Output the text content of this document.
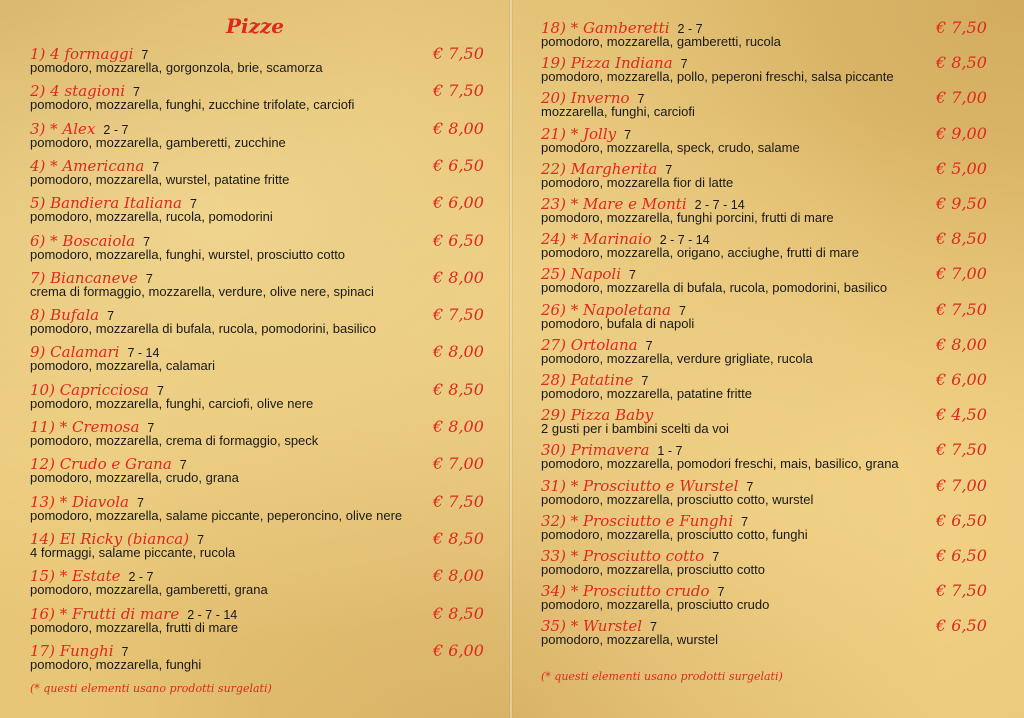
Pizze
1) 4 formaggi 7
pomodoro, mozzarella, gorgonzola, brie, scamorza
€ 7,50
2) 4 stagioni 7
pomodoro, mozzarella, funghi, zucchine trifolate, carciofi
€ 7,50
3) * Alex 2 - 7
pomodoro, mozzarella, gamberetti, zucchine
€ 8,00
4) * Americana 7
pomodoro, mozzarella, wurstel, patatine fritte
€ 6,50
5) Bandiera Italiana 7
pomodoro, mozzarella, rucola, pomodorini
€ 6,00
6) * Boscaiola 7
pomodoro, mozzarella, funghi, wurstel, prosciutto cotto
€ 6,50
7) Biancaneve 7
crema di formaggio, mozzarella, verdure, olive nere, spinaci
€ 8,00
8) Bufala 7
pomodoro, mozzarella di bufala, rucola, pomodorini, basilico
€ 7,50
9) Calamari 7 - 14
pomodoro, mozzarella, calamari
€ 8,00
10) Capricciosa 7
pomodoro, mozzarella, funghi, carciofi, olive nere
€ 8,50
11) * Cremosa 7
pomodoro, mozzarella, crema di formaggio, speck
€ 8,00
12) Crudo e Grana 7
pomodoro, mozzarella, crudo, grana
€ 7,00
13) * Diavola 7
pomodoro, mozzarella, salame piccante, peperoncino, olive nere
€ 7,50
14) El Ricky (bianca) 7
4 formaggi, salame piccante, rucola
€ 8,50
15) * Estate 2 - 7
pomodoro, mozzarella, gamberetti, grana
€ 8,00
16) * Frutti di mare 2 - 7 - 14
pomodoro, mozzarella, frutti di mare
€ 8,50
17) Funghi 7
pomodoro, mozzarella, funghi
€ 6,00
(* questi elementi usano prodotti surgelati)
18) * Gamberetti 2 - 7
pomodoro, mozzarella, gamberetti, rucola
€ 7,50
19) Pizza Indiana 7
pomodoro, mozzarella, pollo, peperoni freschi, salsa piccante
€ 8,50
20) Inverno 7
mozzarella, funghi, carciofi
€ 7,00
21) * Jolly 7
pomodoro, mozzarella, speck, crudo, salame
€ 9,00
22) Margherita 7
pomodoro, mozzarella fior di latte
€ 5,00
23) * Mare e Monti 2 - 7 - 14
pomodoro, mozzarella, funghi porcini, frutti di mare
€ 9,50
24) * Marinaio 2 - 7 - 14
pomodoro, mozzarella, origano, acciughe, frutti di mare
€ 8,50
25) Napoli 7
pomodoro, mozzarella di bufala, rucola, pomodorini, basilico
€ 7,00
26) * Napoletana 7
pomodoro, bufala di napoli
€ 7,50
27) Ortolana 7
pomodoro, mozzarella, verdure grigliate, rucola
€ 8,00
28) Patatine 7
pomodoro, mozzarella, patatine fritte
€ 6,00
29) Pizza Baby
2 gusti per i bambini scelti da voi
€ 4,50
30) Primavera 1 - 7
pomodoro, mozzarella, pomodori freschi, mais, basilico, grana
€ 7,50
31) * Prosciutto e Wurstel 7
pomodoro, mozzarella, prosciutto cotto, wurstel
€ 7,00
32) * Prosciutto e Funghi 7
pomodoro, mozzarella, prosciutto cotto, funghi
€ 6,50
33) * Prosciutto cotto 7
pomodoro, mozzarella, prosciutto cotto
€ 6,50
34) * Prosciutto crudo 7
pomodoro, mozzarella, prosciutto crudo
€ 7,50
35) * Wurstel 7
pomodoro, mozzarella, wurstel
€ 6,50
(* questi elementi usano prodotti surgelati)
